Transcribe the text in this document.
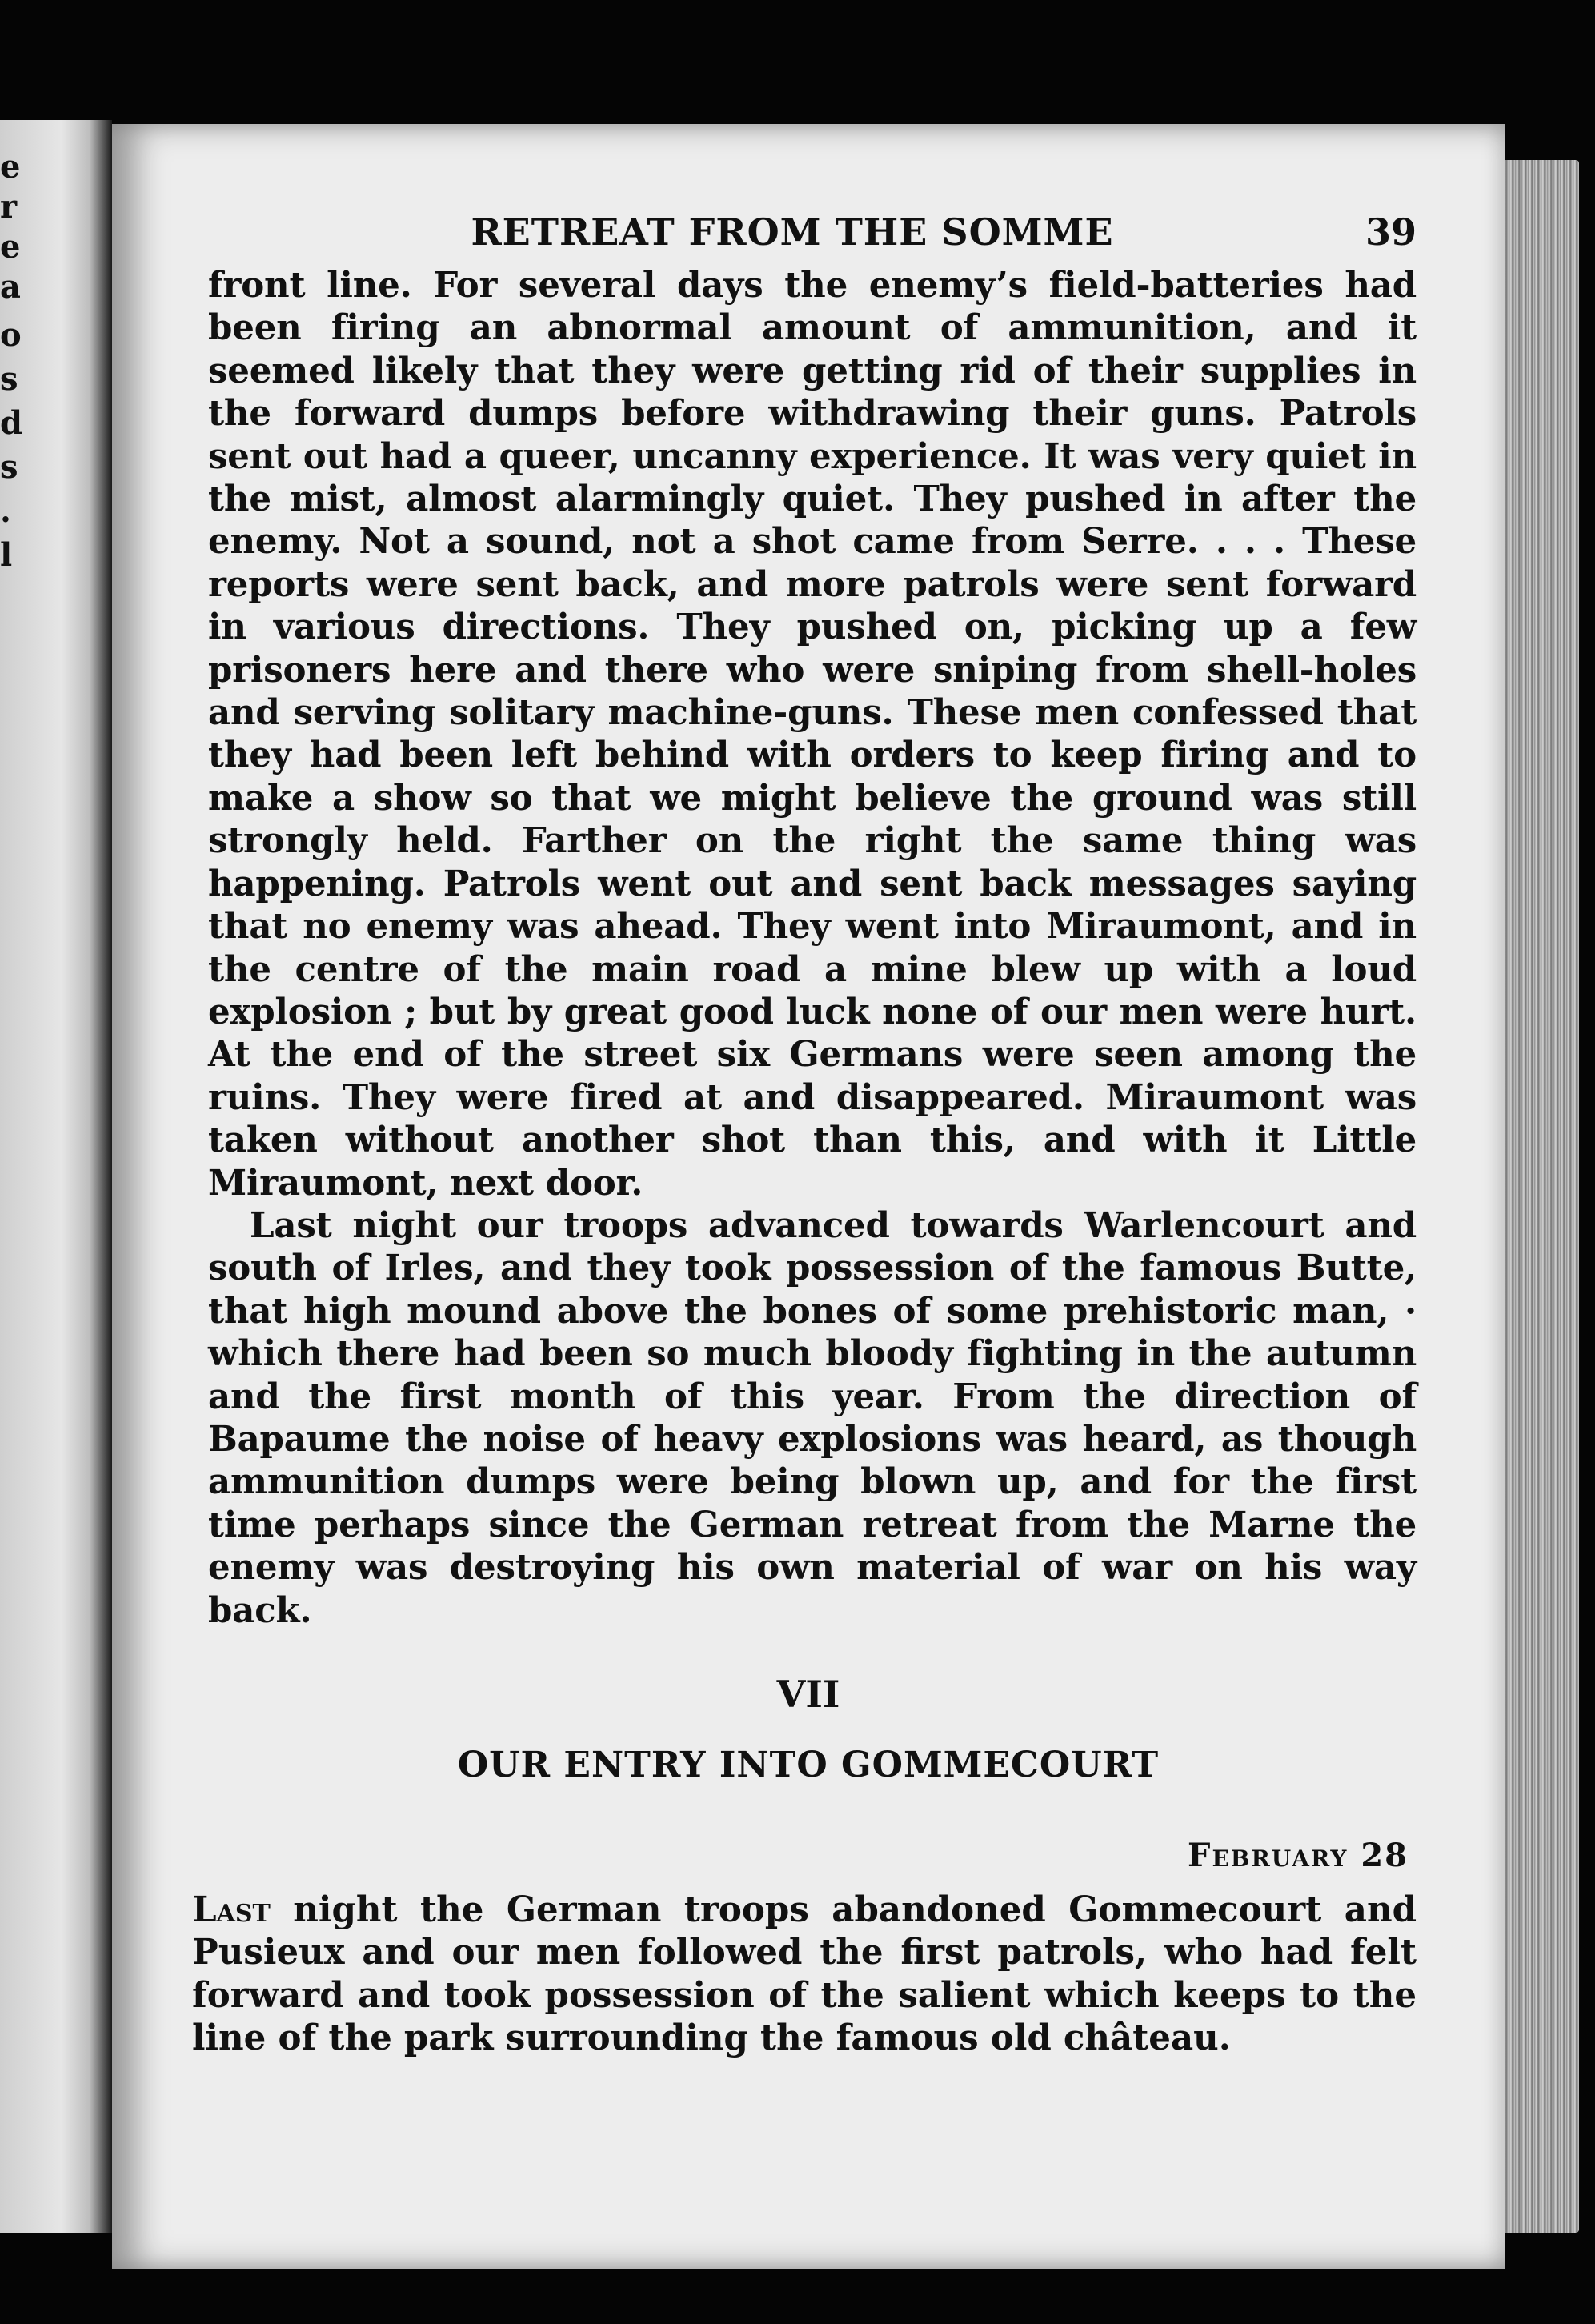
e
r
e
a
o
s
d
s
.
l
RETREAT FROM THE SOMME	39

front line. For several days the enemy’s field-batteries had been firing an abnormal amount of ammunition, and it seemed likely that they were getting rid of their supplies in the forward dumps before withdrawing their guns. Patrols sent out had a queer, uncanny experience. It was very quiet in the mist, almost alarmingly quiet. They pushed in after the enemy. Not a sound, not a shot came from Serre. . . . These reports were sent back, and more patrols were sent forward in various directions. They pushed on, picking up a few prisoners here and there who were sniping from shell-holes and serving solitary machine-guns. These men confessed that they had been left behind with orders to keep firing and to make a show so that we might believe the ground was still strongly held. Farther on the right the same thing was happening. Patrols went out and sent back messages saying that no enemy was ahead. They went into Miraumont, and in the centre of the main road a mine blew up with a loud explosion ; but by great good luck none of our men were hurt. At the end of the street six Germans were seen among the ruins. They were fired at and disappeared. Miraumont was taken without another shot than this, and with it Little Miraumont, next door.

Last night our troops advanced towards Warlencourt and south of Irles, and they took possession of the famous Butte, that high mound above the bones of some prehistoric man, · which there had been so much bloody fighting in the autumn and the first month of this year. From the direction of Bapaume the noise of heavy explosions was heard, as though ammunition dumps were being blown up, and for the first time perhaps since the German retreat from the Marne the enemy was destroying his own material of war on his way back.

VII
OUR ENTRY INTO GOMMECOURT
February 28

Last night the German troops abandoned Gommecourt and Pusieux and our men followed the first patrols, who had felt forward and took possession of the salient which keeps to the line of the park surrounding the famous old château.
